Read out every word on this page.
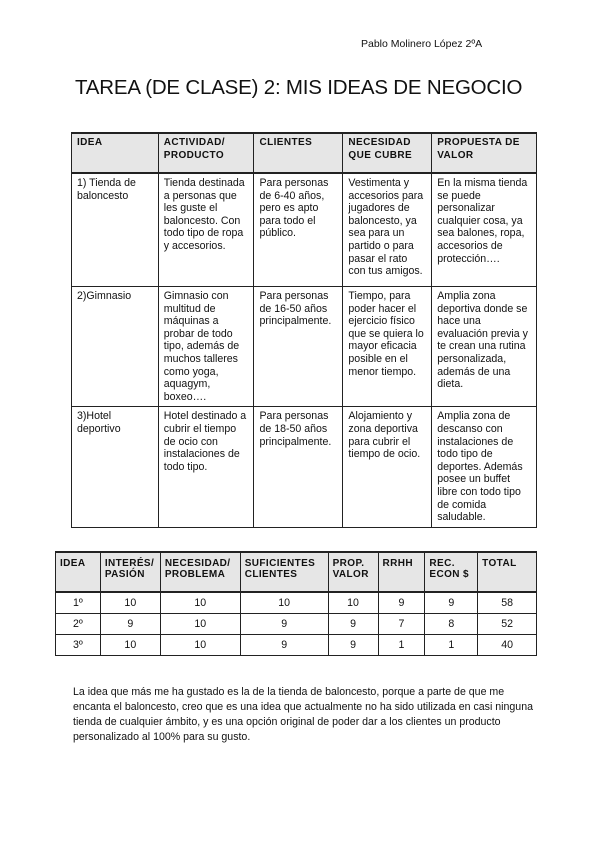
Pablo Molinero López 2ºA
TAREA (DE CLASE) 2: MIS IDEAS DE NEGOCIO
IDEA	ACTIVIDAD/ PRODUCTO	CLIENTES	NECESIDAD QUE CUBRE	PROPUESTA DE VALOR
1) Tienda de baloncesto	Tienda destinada a personas que les guste el baloncesto. Con todo tipo de ropa y accesorios.	Para personas de 6-40 años, pero es apto para todo el público.	Vestimenta y accesorios para jugadores de baloncesto, ya sea para un partido o para pasar el rato con tus amigos.	En la misma tienda se puede personalizar cualquier cosa, ya sea balones, ropa, accesorios de protección….
2)Gimnasio	Gimnasio con multitud de máquinas a probar de todo tipo, además de muchos talleres como yoga, aquagym, boxeo….	Para personas de 16-50 años principalmente.	Tiempo, para poder hacer el ejercicio físico que se quiera lo mayor eficacia posible en el menor tiempo.	Amplia zona deportiva donde se hace una evaluación previa y te crean una rutina personalizada, además de una dieta.
3)Hotel deportivo	Hotel destinado a cubrir el tiempo de ocio con instalaciones de todo tipo.	Para personas de 18-50 años principalmente.	Alojamiento y zona deportiva para cubrir el tiempo de ocio.	Amplia zona de descanso con instalaciones de todo tipo de deportes. Además posee un buffet libre con todo tipo de comida saludable.
IDEA	INTERÉS/ PASIÓN	NECESIDAD/ PROBLEMA	SUFICIENTES CLIENTES	PROP. VALOR	RRHH	REC. ECON $	TOTAL
1º	10	10	10	10	9	9	58
2º	9	10	9	9	7	8	52
3º	10	10	9	9	1	1	40

La idea que más me ha gustado es la de la tienda de baloncesto, porque a parte de que me encanta el baloncesto, creo que es una idea que actualmente no ha sido utilizada en casi ninguna tienda de cualquier ámbito, y es una opción original de poder dar a los clientes un producto personalizado al 100% para su gusto.
